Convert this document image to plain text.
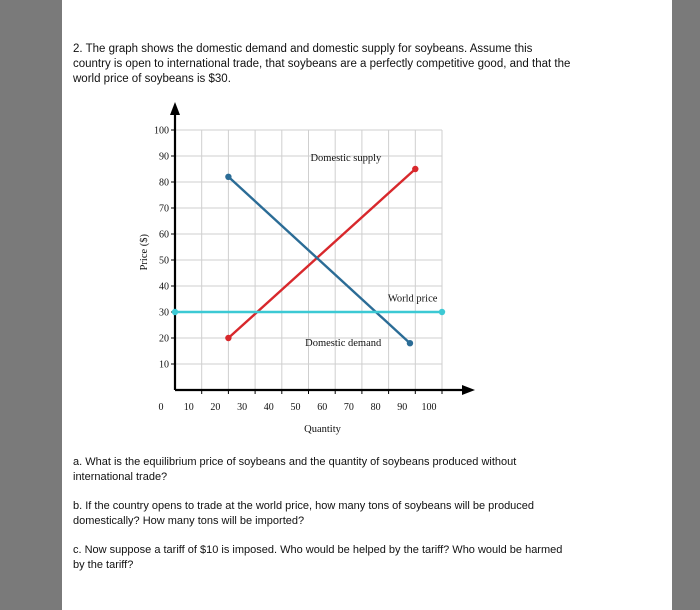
2. The graph shows the domestic demand and domestic supply for soybeans. Assume this country is open to international trade, that soybeans are a perfectly competitive good, and that the world price of soybeans is $30.
10 20 30 40 50 60 70 80 90 100
10
20
30
40
50
60
70
80
90
100
0
Domestic supply
Domestic demand
World price
Quantity
Price ($)
a. What is the equilibrium price of soybeans and the quantity of soybeans produced without international trade?
b. If the country opens to trade at the world price, how many tons of soybeans will be produced domestically? How many tons will be imported?
c. Now suppose a tariff of $10 is imposed. Who would be helped by the tariff? Who would be harmed by the tariff?
